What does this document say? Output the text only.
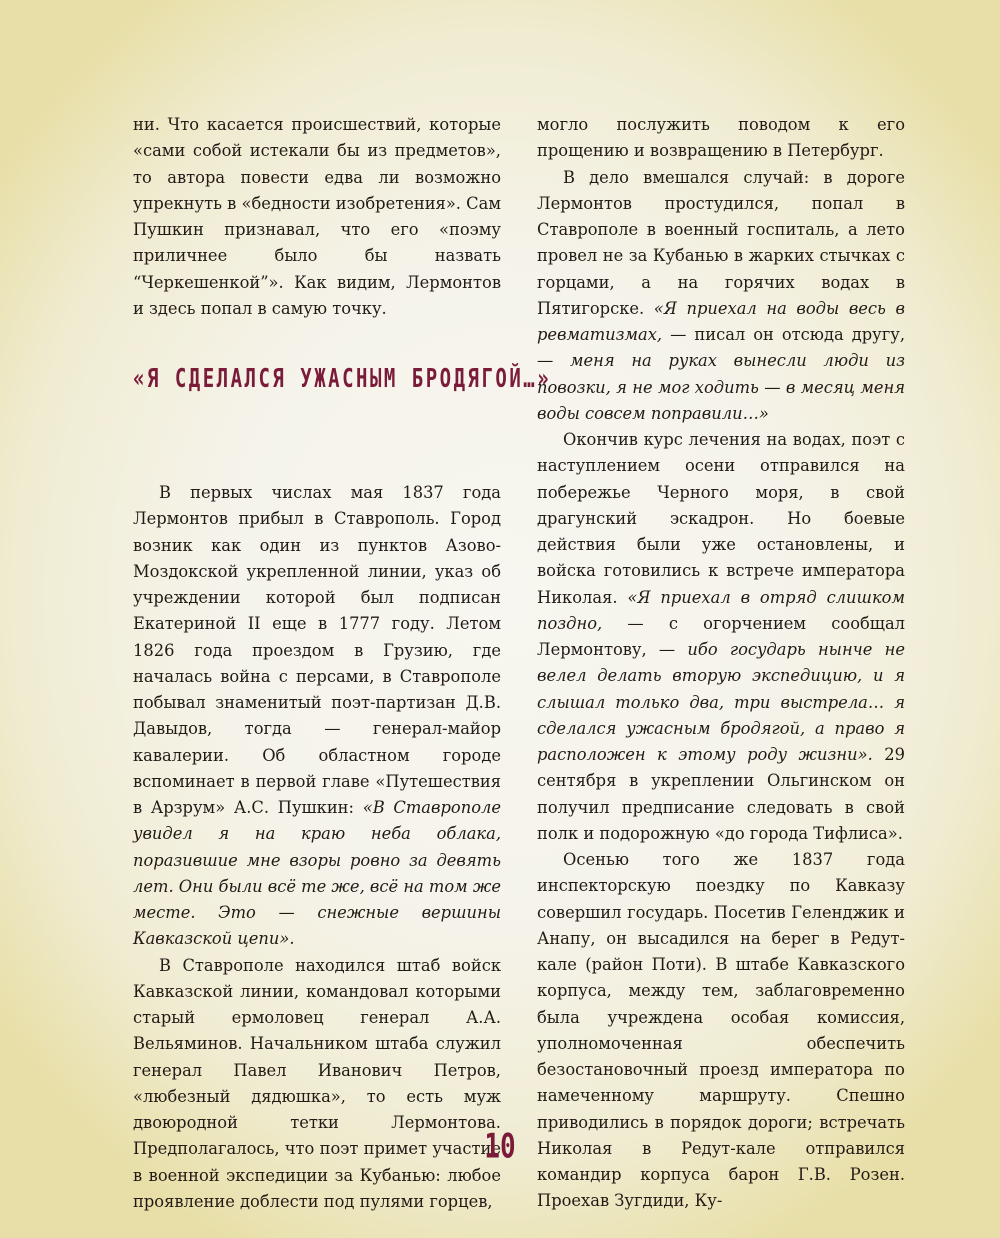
ни. Что касается происшествий, которые «сами собой истекали бы из предметов», то автора повести едва ли возможно упрекнуть в «бедности изобретения». Сам Пушкин признавал, что его «поэму приличнее было бы назвать “Черкешенкой”». Как видим, Лермонтов и здесь попал в самую точку.

В первых числах мая 1837 года Лермонтов прибыл в Ставрополь. Город возник как один из пунктов Азово-Моздокской укрепленной линии, указ об учреждении которой был подписан Екатериной II еще в 1777 году. Летом 1826 года проездом в Грузию, где началась война с персами, в Ставрополе побывал знаменитый поэт-партизан Д.В. Давыдов, тогда — генерал-майор кавалерии. Об областном городе вспоминает в первой главе «Путешествия в Арзрум» А.С. Пушкин: «В Ставрополе увидел я на краю неба облака, поразившие мне взоры ровно за девять лет. Они были всё те же, всё на том же месте. Это — снежные вершины Кавказской цепи».

В Ставрополе находился штаб войск Кавказской линии, командовал которыми старый ермоловец генерал А.А. Вельяминов. Начальником штаба служил генерал Павел Иванович Петров, «любезный дядюшка», то есть муж двоюродной тетки Лермонтова. Предполагалось, что поэт примет участие в военной экспедиции за Кубанью: любое проявление доблести под пулями горцев,

«Я СДЕЛАЛСЯ УЖАСНЫМ БРОДЯГОЙ…»

могло послужить поводом к его прощению и возвращению в Петербург.

В дело вмешался случай: в дороге Лермонтов простудился, попал в Ставрополе в военный госпиталь, а лето провел не за Кубанью в жарких стычках с горцами, а на горячих водах в Пятигорске. «Я приехал на воды весь в ревматизмах, — писал он отсюда другу, — меня на руках вынесли люди из повозки, я не мог ходить — в месяц меня воды совсем поправили…»

Окончив курс лечения на водах, поэт с наступлением осени отправился на побережье Черного моря, в свой драгунский эскадрон. Но боевые действия были уже остановлены, и войска готовились к встрече императора Николая. «Я приехал в отряд слишком поздно, — с огорчением сообщал Лермонтову, — ибо государь нынче не велел делать вторую экспедицию, и я слышал только два, три выстрела… я сделался ужасным бродягой, а право я расположен к этому роду жизни». 29 сентября в укреплении Ольгинском он получил предписание следовать в свой полк и подорожную «до города Тифлиса».

Осенью того же 1837 года инспекторскую поездку по Кавказу совершил государь. Посетив Геленджик и Анапу, он высадился на берег в Редут-кале (район Поти). В штабе Кавказского корпуса, между тем, заблаговременно была учреждена особая комиссия, уполномоченная обеспечить безостановочный проезд императора по намеченному маршруту. Спешно приводились в порядок дороги; встречать Николая в Редут-кале отправился командир корпуса барон Г.В. Розен. Проехав Зугдиди, Ку-

10
